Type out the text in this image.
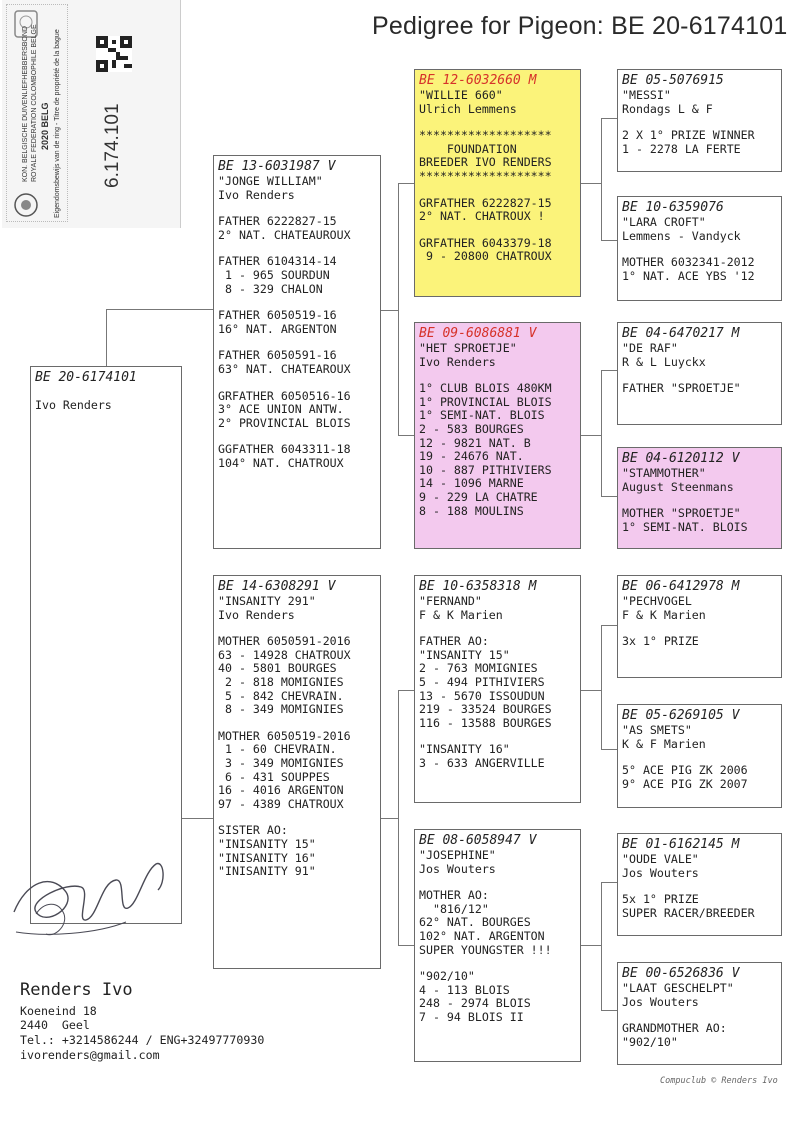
Pedigree for Pigeon: BE 20-6174101
KON. BELGISCHE DUIVENLIEFHEBBERSBOND ROYALE FEDERATION COLOMBOPHILE BELGE 2020 BELG Eigendomsbewijs van de ring - Titre de propriété de la bague 6.174.101
BE 20-6174101
Ivo Renders
BE 13-6031987 V
"JONGE WILLIAM"
Ivo Renders
FATHER 6222827-15
2° NAT. CHATEAUROUX
FATHER 6104314-14
1 - 965 SOURDUN
8 - 329 CHALON
FATHER 6050519-16
16° NAT. ARGENTON
FATHER 6050591-16
63° NAT. CHATEAROUX
GRFATHER 6050516-16
3° ACE UNION ANTW.
2° PROVINCIAL BLOIS
GGFATHER 6043311-18
104° NAT. CHATROUX
BE 14-6308291 V
"INSANITY 291"
Ivo Renders
MOTHER 6050591-2016
63 - 14928 CHATROUX
40 - 5801 BOURGES
2 - 818 MOMIGNIES
5 - 842 CHEVRAIN.
8 - 349 MOMIGNIES
MOTHER 6050519-2016
1 - 60 CHEVRAIN.
3 - 349 MOMIGNIES
6 - 431 SOUPPES
16 - 4016 ARGENTON
97 - 4389 CHATROUX
SISTER AO:
"INISANITY 15"
"INISANITY 16"
"INISANITY 91"
BE 12-6032660 M
"WILLIE 660"
Ulrich Lemmens
*******************
FOUNDATION
BREEDER IVO RENDERS
*******************
GRFATHER 6222827-15
2° NAT. CHATROUX !
GRFATHER 6043379-18
9 - 20800 CHATROUX
BE 09-6086881 V
"HET SPROETJE"
Ivo Renders
1° CLUB BLOIS 480KM
1° PROVINCIAL BLOIS
1° SEMI-NAT. BLOIS
2 - 583 BOURGES
12 - 9821 NAT. B
19 - 24676 NAT.
10 - 887 PITHIVIERS
14 - 1096 MARNE
9 - 229 LA CHATRE
8 - 188 MOULINS
BE 10-6358318 M
"FERNAND"
F & K Marien
FATHER AO:
"INSANITY 15"
2 - 763 MOMIGNIES
5 - 494 PITHIVIERS
13 - 5670 ISSOUDUN
219 - 33524 BOURGES
116 - 13588 BOURGES
"INSANITY 16"
3 - 633 ANGERVILLE
BE 08-6058947 V
"JOSEPHINE"
Jos Wouters
MOTHER AO:
"816/12"
62° NAT. BOURGES
102° NAT. ARGENTON
SUPER YOUNGSTER !!!
"902/10"
4 - 113 BLOIS
248 - 2974 BLOIS
7 - 94 BLOIS II
BE 05-5076915
"MESSI"
Rondags L & F
2 X 1° PRIZE WINNER
1 - 2278 LA FERTE
BE 10-6359076
"LARA CROFT"
Lemmens - Vandyck
MOTHER 6032341-2012
1° NAT. ACE YBS '12
BE 04-6470217 M
"DE RAF"
R & L Luyckx
FATHER "SPROETJE"
BE 04-6120112 V
"STAMMOTHER"
August Steenmans
MOTHER "SPROETJE"
1° SEMI-NAT. BLOIS
BE 06-6412978 M
"PECHVOGEL
F & K Marien
3x 1° PRIZE
BE 05-6269105 V
"AS SMETS"
K & F Marien
5° ACE PIG ZK 2006
9° ACE PIG ZK 2007
BE 01-6162145 M
"OUDE VALE"
Jos Wouters
5x 1° PRIZE
SUPER RACER/BREEDER
BE 00-6526836 V
"LAAT GESCHELPT"
Jos Wouters
GRANDMOTHER AO:
"902/10"
Renders Ivo
Koeneind 18
2440  Geel
Tel.: +3214586244 / ENG+32497770930
ivorenders@gmail.com
Compuclub © Renders Ivo
